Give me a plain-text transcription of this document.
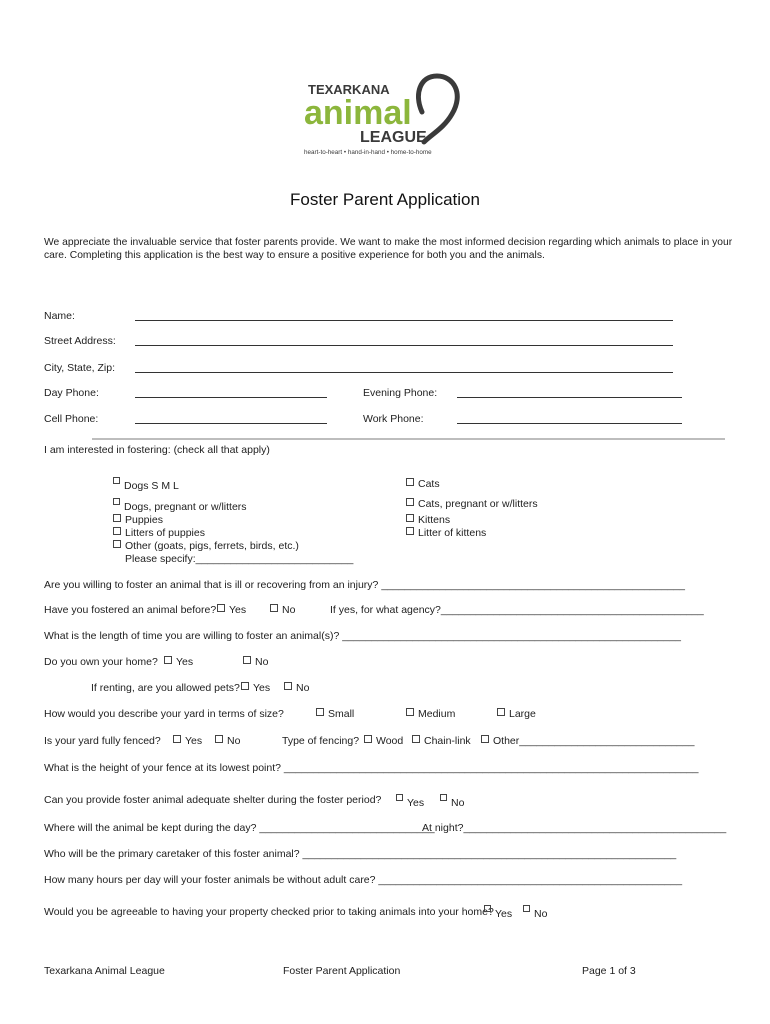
TEXARKANA
animal
LEAGUE
heart-to-heart • hand-in-hand • home-to-home
Foster Parent Application
We appreciate the invaluable service that foster parents provide. We want to make the most informed decision regarding which animals to place in your care. Completing this application is the best way to ensure a positive experience for both you and the animals.
Name:
Street Address:
City, State, Zip:
Day Phone:	Evening Phone:
Cell Phone:	Work Phone:
I am interested in fostering: (check all that apply)
Dogs S M L
Dogs, pregnant or w/litters
Puppies
Litters of puppies
Other (goats, pigs, ferrets, birds, etc.)
Please specify:___________________________
Cats
Cats, pregnant or w/litters
Kittens
Litter of kittens
Are you willing to foster an animal that is ill or recovering from an injury? ____________________________________________________
Have you fostered an animal before?	Yes	No	If yes, for what agency?_____________________________________________
What is the length of time you are willing to foster an animal(s)? __________________________________________________________
Do you own your home?	Yes	No
If renting, are you allowed pets?	Yes	No
How would you describe your yard in terms of size?	Small	Medium	Large
Is your yard fully fenced?	Yes	No	Type of fencing?	Wood	Chain-link	Other______________________________
What is the height of your fence at its lowest point? _______________________________________________________________________
Can you provide foster animal adequate shelter during the foster period?	Yes	No
Where will the animal be kept during the day? ______________________________
At night?_____________________________________________
Who will be the primary caretaker of this foster animal? ________________________________________________________________
How many hours per day will your foster animals be without adult care? ____________________________________________________
Would you be agreeable to having your property checked prior to taking animals into your home? Yes	No
Texarkana Animal League	Foster Parent Application	Page 1 of 3
